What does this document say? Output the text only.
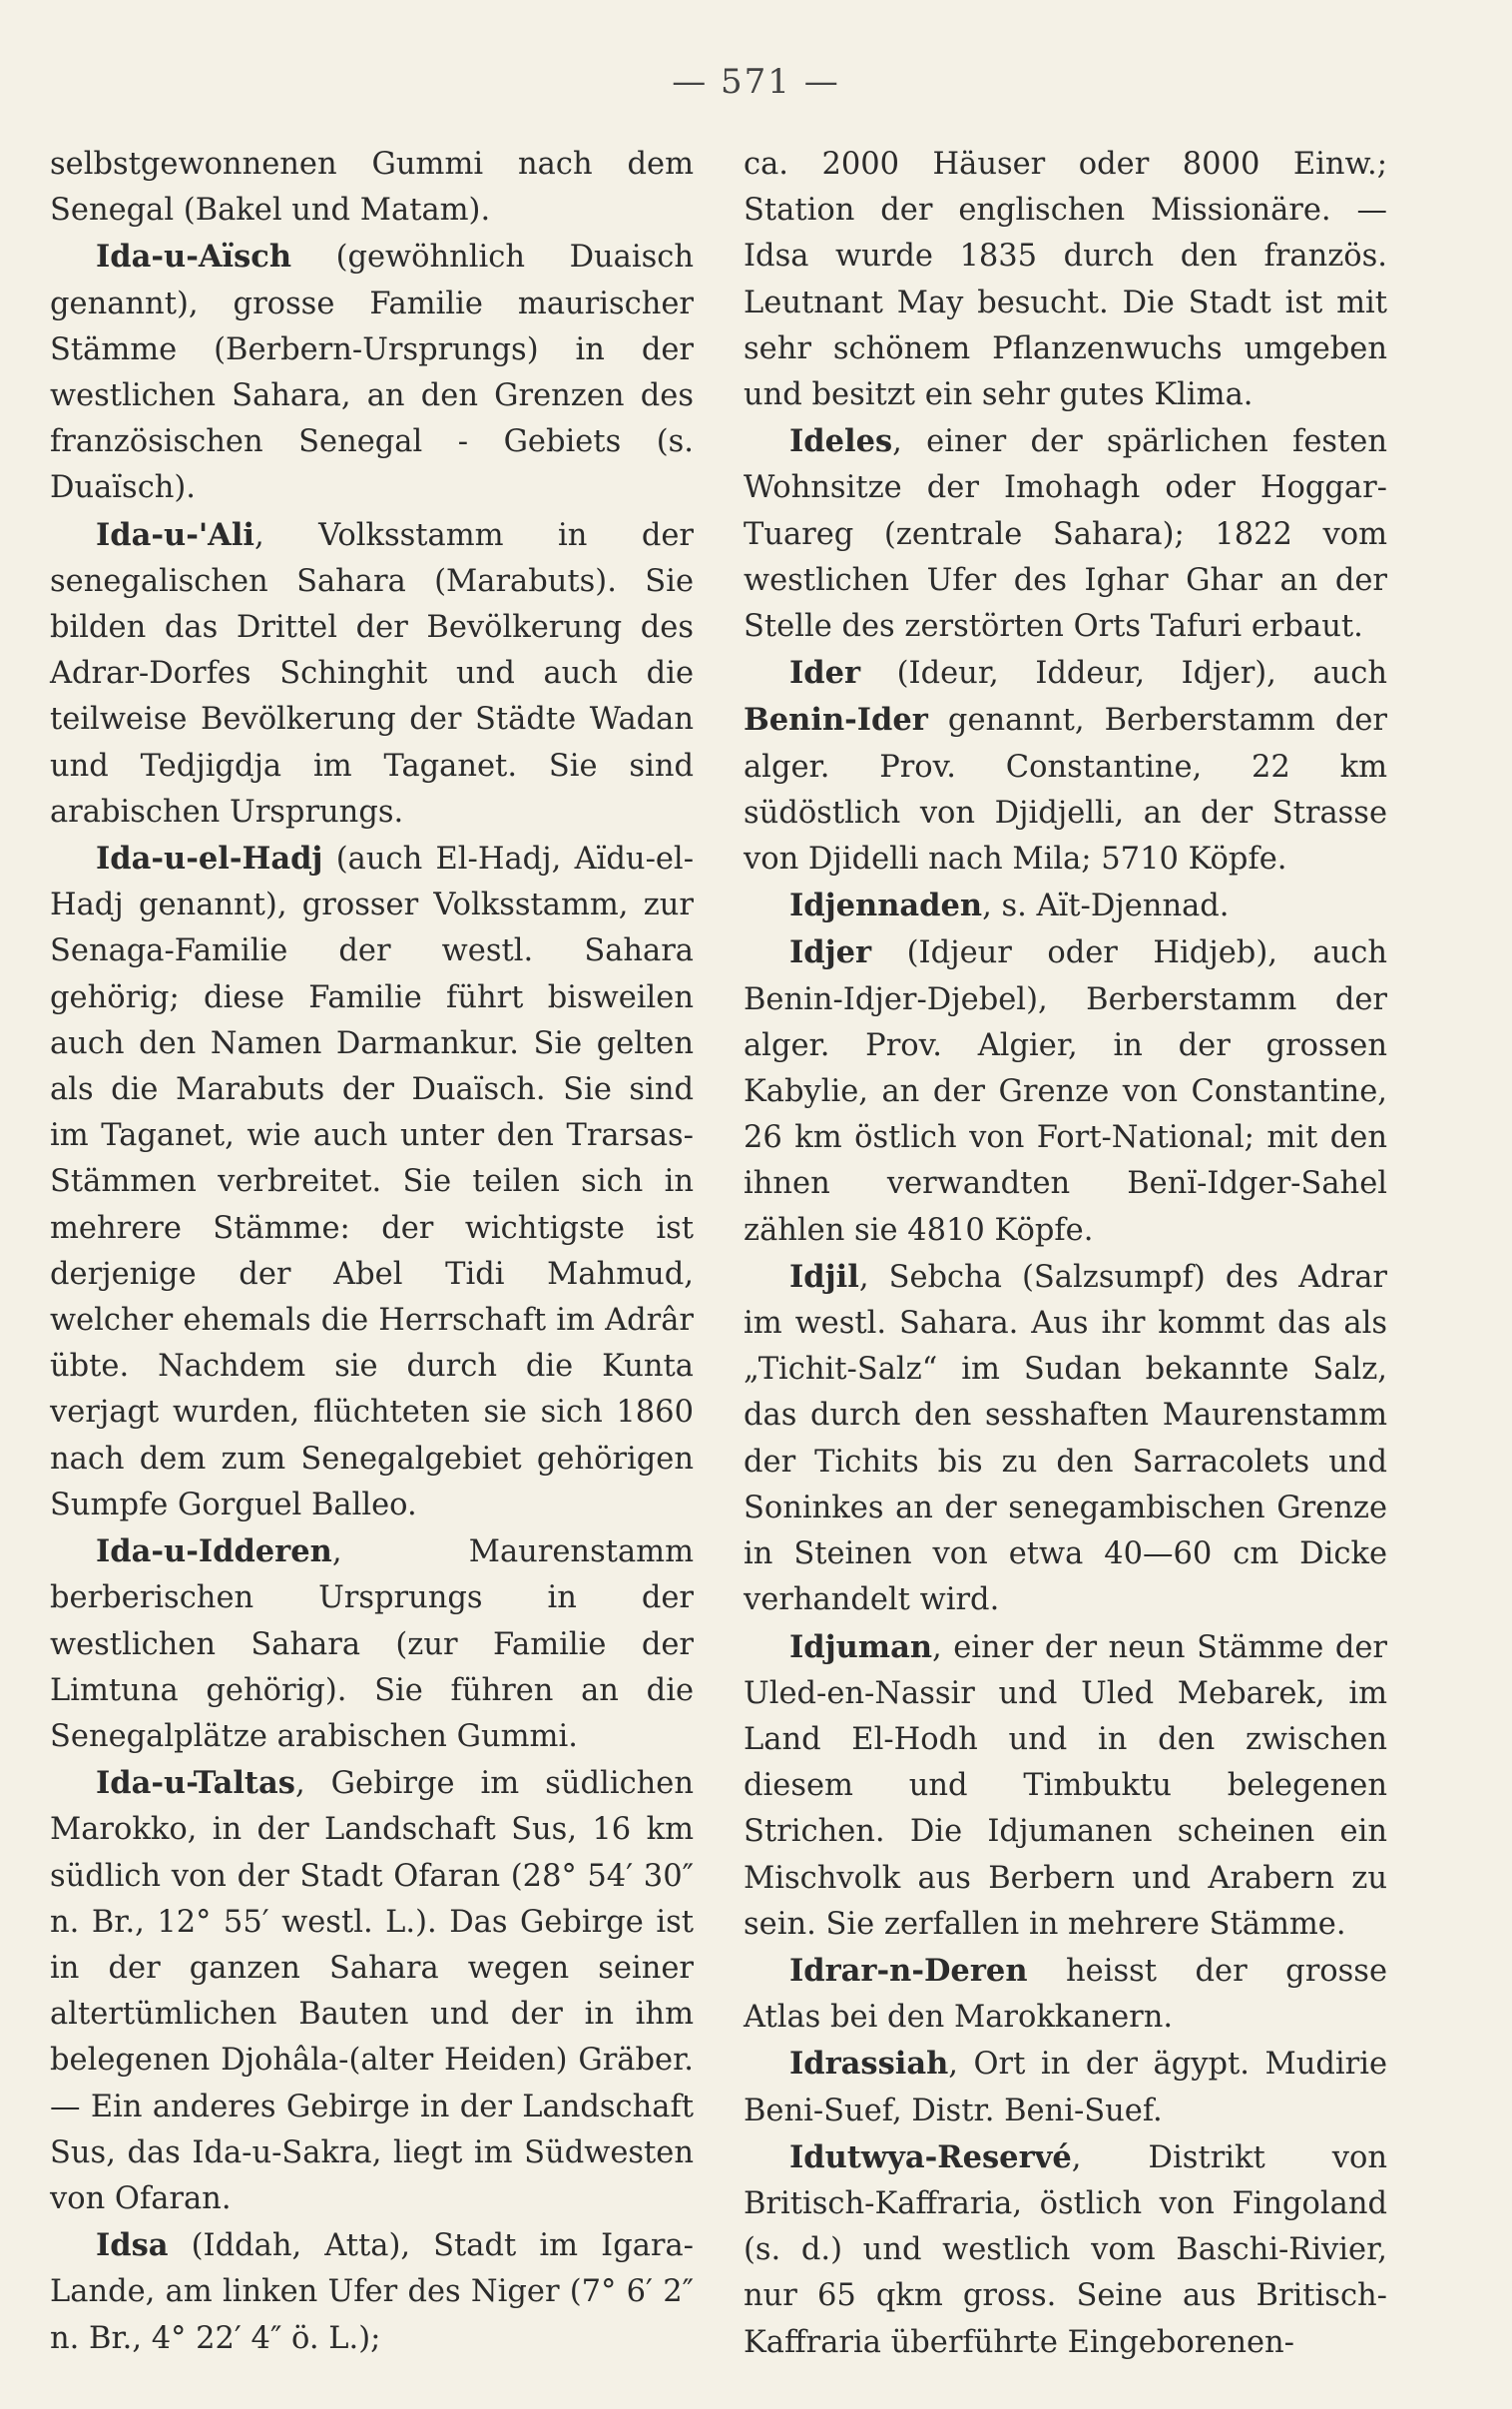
— 571 —

selbstgewonnenen Gummi nach dem Senegal (Bakel und Matam).

Ida-u-Aïsch (gewöhnlich Duaisch genannt), grosse Familie maurischer Stämme (Berbern-Ursprungs) in der westlichen Sahara, an den Grenzen des französischen Senegal - Gebiets (s. Duaïsch).

Ida-u-'Ali, Volksstamm in der senegalischen Sahara (Marabuts). Sie bilden das Drittel der Bevölkerung des Adrar-Dorfes Schinghit und auch die teilweise Bevölkerung der Städte Wadan und Tedjigdja im Taganet. Sie sind arabischen Ursprungs.

Ida-u-el-Hadj (auch El-Hadj, Aïdu-el-Hadj genannt), grosser Volksstamm, zur Senaga-Familie der westl. Sahara gehörig; diese Familie führt bisweilen auch den Namen Darmankur. Sie gelten als die Marabuts der Duaïsch. Sie sind im Taganet, wie auch unter den Trarsas-Stämmen verbreitet. Sie teilen sich in mehrere Stämme: der wichtigste ist derjenige der Abel Tidi Mahmud, welcher ehemals die Herrschaft im Adrâr übte. Nachdem sie durch die Kunta verjagt wurden, flüchteten sie sich 1860 nach dem zum Senegalgebiet gehörigen Sumpfe Gorguel Balleo.

Ida-u-Idderen, Maurenstamm berberischen Ursprungs in der westlichen Sahara (zur Familie der Limtuna gehörig). Sie führen an die Senegalplätze arabischen Gummi.

Ida-u-Taltas, Gebirge im südlichen Marokko, in der Landschaft Sus, 16 km südlich von der Stadt Ofaran (28° 54′ 30″ n. Br., 12° 55′ westl. L.). Das Gebirge ist in der ganzen Sahara wegen seiner altertümlichen Bauten und der in ihm belegenen Djohâla-(alter Heiden) Gräber. — Ein anderes Gebirge in der Landschaft Sus, das Ida-u-Sakra, liegt im Südwesten von Ofaran.

Idsa (Iddah, Atta), Stadt im Igara-Lande, am linken Ufer des Niger (7° 6′ 2″ n. Br., 4° 22′ 4″ ö. L.);

ca. 2000 Häuser oder 8000 Einw.; Station der englischen Missionäre. — Idsa wurde 1835 durch den französ. Leutnant May besucht. Die Stadt ist mit sehr schönem Pflanzenwuchs umgeben und besitzt ein sehr gutes Klima.

Ideles, einer der spärlichen festen Wohnsitze der Imohagh oder Hoggar-Tuareg (zentrale Sahara); 1822 vom westlichen Ufer des Ighar Ghar an der Stelle des zerstörten Orts Tafuri erbaut.

Ider (Ideur, Iddeur, Idjer), auch Benin-Ider genannt, Berberstamm der alger. Prov. Constantine, 22 km südöstlich von Djidjelli, an der Strasse von Djidelli nach Mila; 5710 Köpfe.

Idjennaden, s. Aït-Djennad.

Idjer (Idjeur oder Hidjeb), auch Benin-Idjer-Djebel), Berberstamm der alger. Prov. Algier, in der grossen Kabylie, an der Grenze von Constantine, 26 km östlich von Fort-National; mit den ihnen verwandten Benï-Idger-Sahel zählen sie 4810 Köpfe.

Idjil, Sebcha (Salzsumpf) des Adrar im westl. Sahara. Aus ihr kommt das als „Tichit-Salz“ im Sudan bekannte Salz, das durch den sesshaften Maurenstamm der Tichits bis zu den Sarracolets und Soninkes an der senegambischen Grenze in Steinen von etwa 40—60 cm Dicke verhandelt wird.

Idjuman, einer der neun Stämme der Uled-en-Nassir und Uled Mebarek, im Land El-Hodh und in den zwischen diesem und Timbuktu belegenen Strichen. Die Idjumanen scheinen ein Mischvolk aus Berbern und Arabern zu sein. Sie zerfallen in mehrere Stämme.

Idrar-n-Deren heisst der grosse Atlas bei den Marokkanern.

Idrassiah, Ort in der ägypt. Mudirie Beni-Suef, Distr. Beni-Suef.

Idutwya-Reservé, Distrikt von Britisch-Kaffraria, östlich von Fingoland (s. d.) und westlich vom Baschi-Rivier, nur 65 qkm gross. Seine aus Britisch-Kaffraria überführte Eingeborenen-
